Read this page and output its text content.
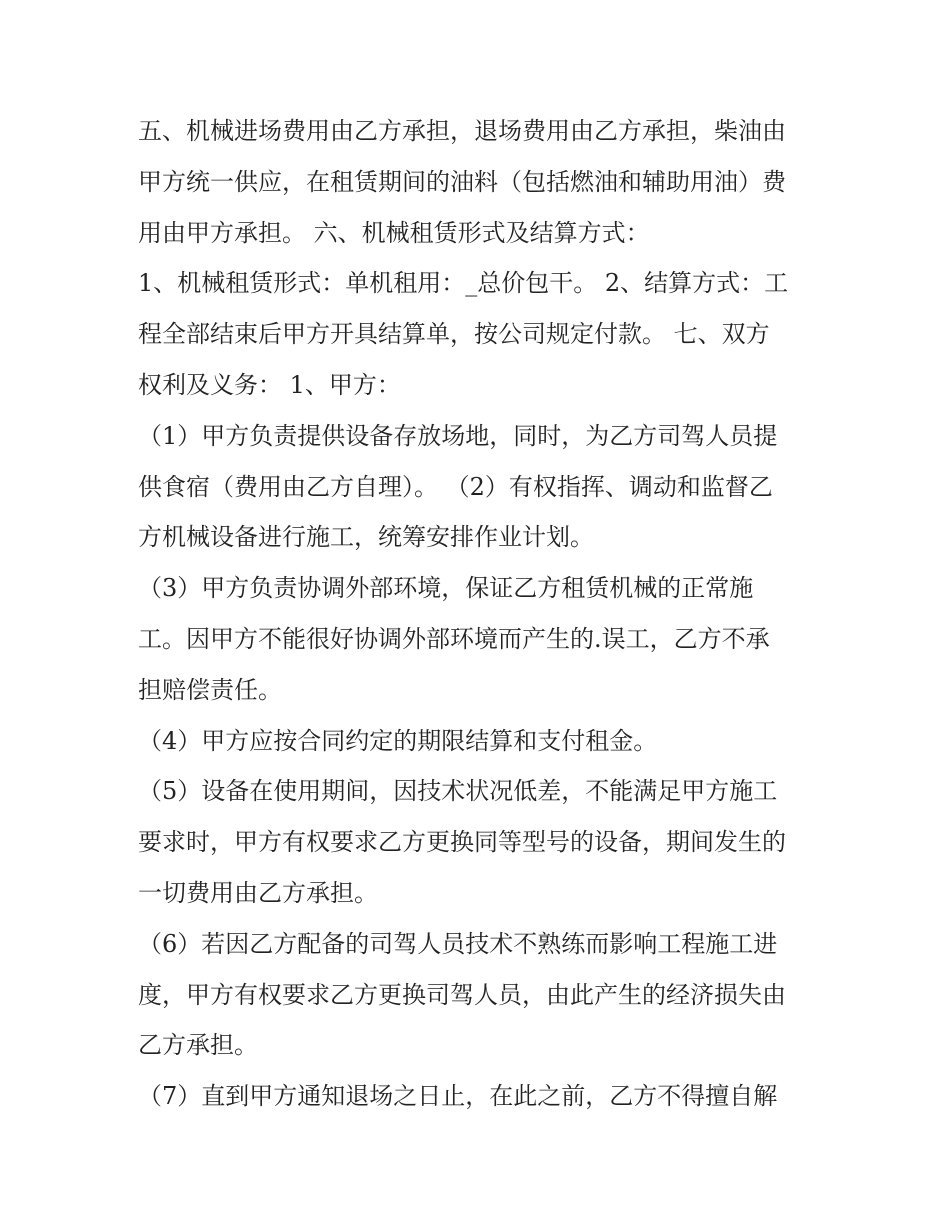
五、机械进场费用由乙方承担，退场费用由乙方承担，柴油由
甲方统一供应，在租赁期间的油料（包括燃油和辅助用油）费
用由甲方承担。 六、机械租赁形式及结算方式：
1、机械租赁形式：单机租用：_总价包干。 2、结算方式：工
程全部结束后甲方开具结算单，按公司规定付款。 七、双方
权利及义务： 1、甲方：
（1）甲方负责提供设备存放场地，同时，为乙方司驾人员提
供食宿（费用由乙方自理）。 （2）有权指挥、调动和监督乙
方机械设备进行施工，统筹安排作业计划。
（3）甲方负责协调外部环境，保证乙方租赁机械的正常施
工。因甲方不能很好协调外部环境而产生的.误工，乙方不承
担赔偿责任。
（4）甲方应按合同约定的期限结算和支付租金。
（5）设备在使用期间，因技术状况低差，不能满足甲方施工
要求时，甲方有权要求乙方更换同等型号的设备，期间发生的
一切费用由乙方承担。
（6）若因乙方配备的司驾人员技术不熟练而影响工程施工进
度，甲方有权要求乙方更换司驾人员，由此产生的经济损失由
乙方承担。
（7）直到甲方通知退场之日止，在此之前，乙方不得擅自解
